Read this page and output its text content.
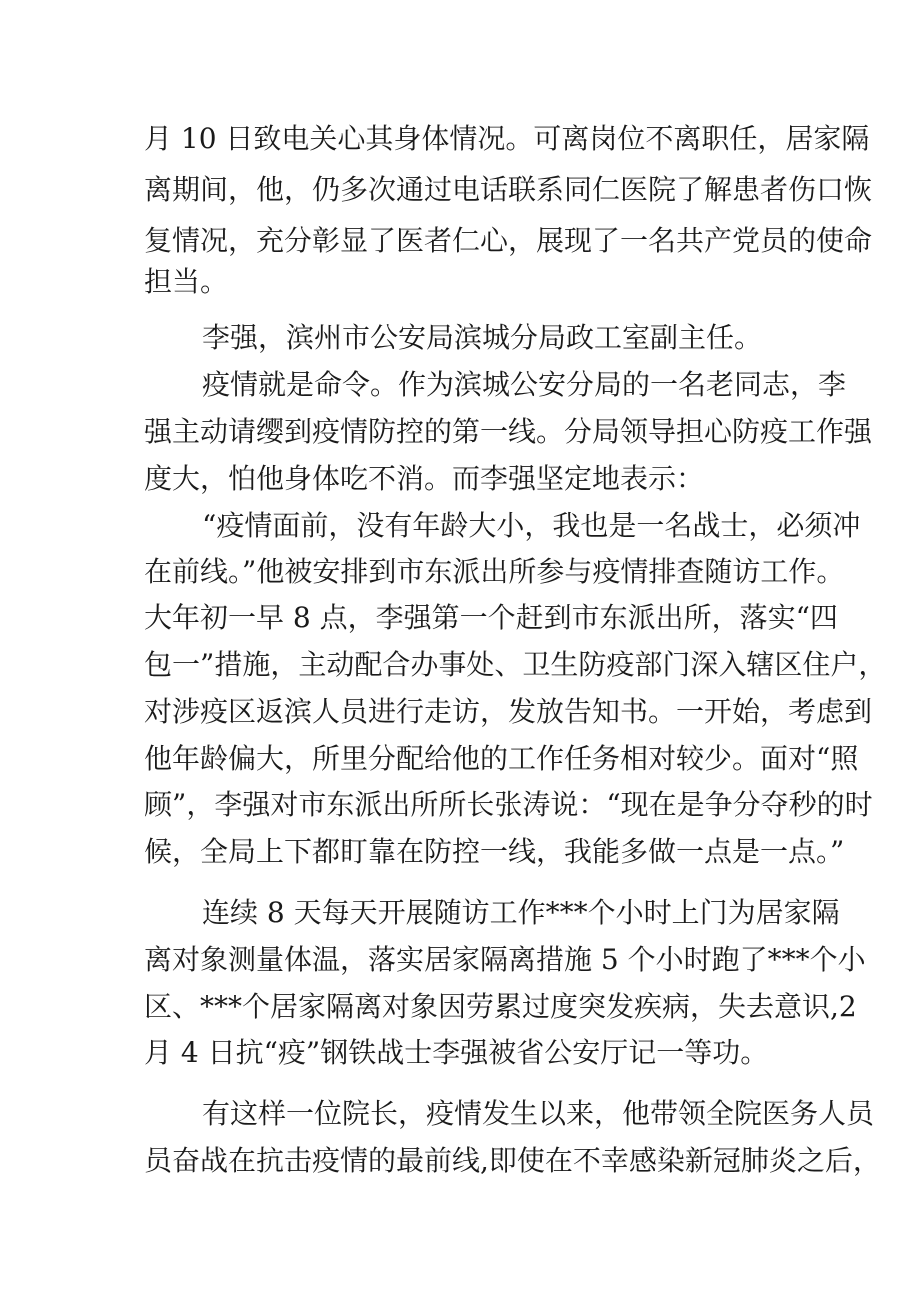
月 10 日致电关心其身体情况。可离岗位不离职任，居家隔

离期间，他，仍多次通过电话联系同仁医院了解患者伤口恢

复情况，充分彰显了医者仁心，展现了一名共产党员的使命

担当。

李强，滨州市公安局滨城分局政工室副主任。

疫情就是命令。作为滨城公安分局的一名老同志，李

强主动请缨到疫情防控的第一线。分局领导担心防疫工作强

度大，怕他身体吃不消。而李强坚定地表示：

“疫情面前，没有年龄大小，我也是一名战士，必须冲

在前线。”他被安排到市东派出所参与疫情排查随访工作。

大年初一早 8 点，李强第一个赶到市东派出所，落实“四

包一”措施，主动配合办事处、卫生防疫部门深入辖区住户，

对涉疫区返滨人员进行走访，发放告知书。一开始，考虑到

他年龄偏大，所里分配给他的工作任务相对较少。面对“照

顾”，李强对市东派出所所长张涛说：“现在是争分夺秒的时

候，全局上下都盯靠在防控一线，我能多做一点是一点。”

连续 8 天每天开展随访工作***个小时上门为居家隔

离对象测量体温，落实居家隔离措施 5 个小时跑了***个小

区、***个居家隔离对象因劳累过度突发疾病，失去意识,2

月 4 日抗“疫”钢铁战士李强被省公安厅记一等功。

有这样一位院长，疫情发生以来，他带领全院医务人员

员奋战在抗击疫情的最前线,即使在不幸感染新冠肺炎之后，
